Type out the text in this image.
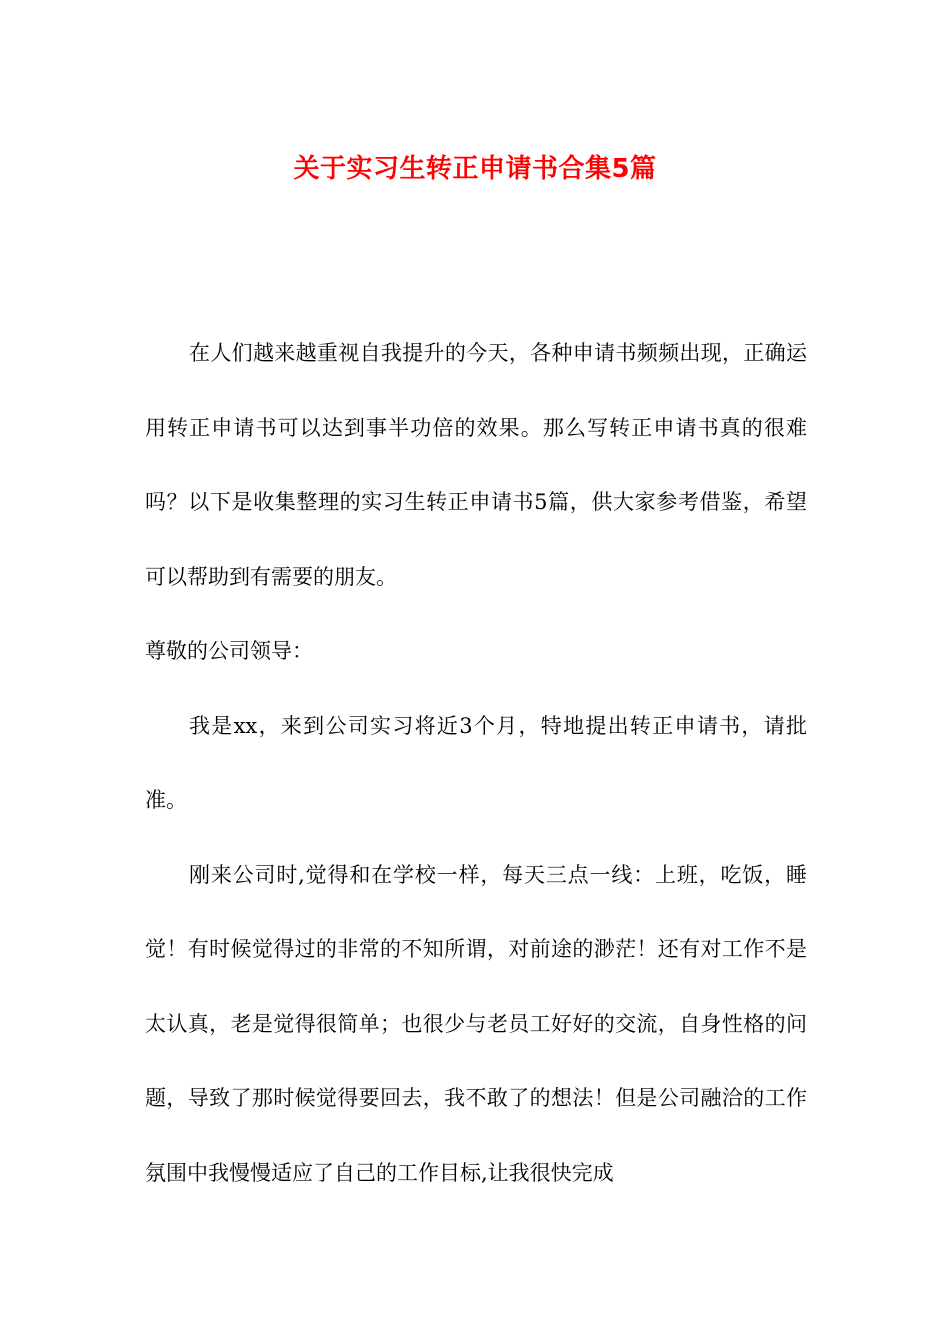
关于实习生转正申请书合集5篇

在人们越来越重视自我提升的今天，各种申请书频频出现，正确运用转正申请书可以达到事半功倍的效果。那么写转正申请书真的很难吗？以下是收集整理的实习生转正申请书5篇，供大家参考借鉴，希望可以帮助到有需要的朋友。

尊敬的公司领导：

我是xx，来到公司实习将近3个月，特地提出转正申请书，请批准。

刚来公司时,觉得和在学校一样，每天三点一线：上班，吃饭，睡觉！有时候觉得过的非常的不知所谓，对前途的渺茫！还有对工作不是太认真，老是觉得很简单；也很少与老员工好好的交流，自身性格的问题，导致了那时候觉得要回去，我不敢了的想法！但是公司融洽的工作氛围中我慢慢适应了自己的工作目标,让我很快完成
